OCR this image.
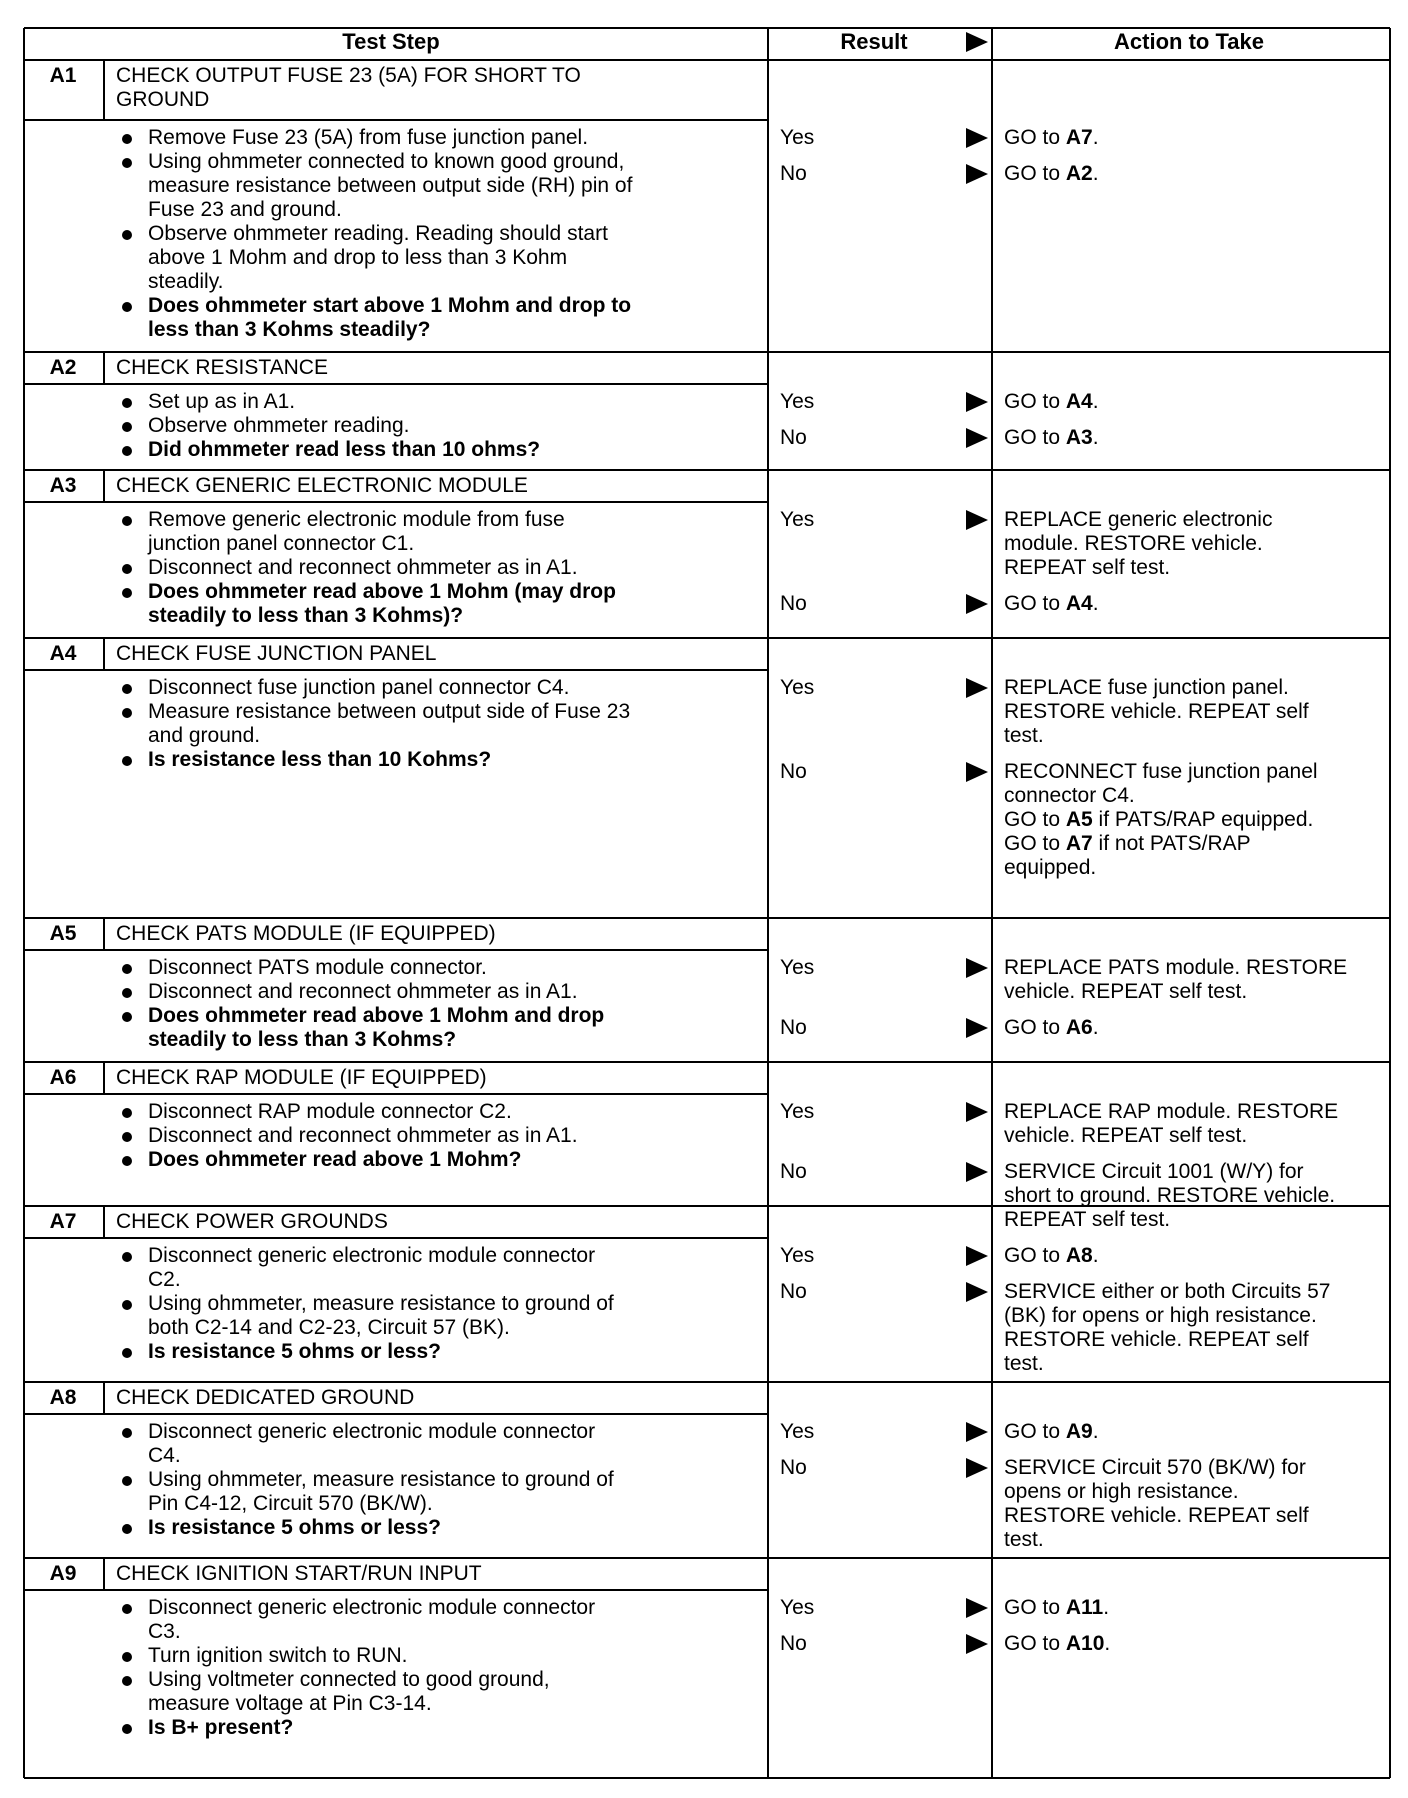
Test Step	Result	Action to Take
A1	CHECK OUTPUT FUSE 23 (5A) FOR SHORT TO
GROUND
Remove Fuse 23 (5A) from fuse junction panel.
Using ohmmeter connected to known good ground,
measure resistance between output side (RH) pin of
Fuse 23 and ground.
Observe ohmmeter reading. Reading should start
above 1 Mohm and drop to less than 3 Kohm
steadily.
Does ohmmeter start above 1 Mohm and drop to
less than 3 Kohms steadily?
Yes	GO to A7.
No	GO to A2.
A2	CHECK RESISTANCE
Set up as in A1.
Observe ohmmeter reading.
Did ohmmeter read less than 10 ohms?
Yes	GO to A4.
No	GO to A3.
A3	CHECK GENERIC ELECTRONIC MODULE
Remove generic electronic module from fuse
junction panel connector C1.
Disconnect and reconnect ohmmeter as in A1.
Does ohmmeter read above 1 Mohm (may drop
steadily to less than 3 Kohms)?
Yes	REPLACE generic electronic
module. RESTORE vehicle.
REPEAT self test.
No	GO to A4.
A4	CHECK FUSE JUNCTION PANEL
Disconnect fuse junction panel connector C4.
Measure resistance between output side of Fuse 23
and ground.
Is resistance less than 10 Kohms?
Yes	REPLACE fuse junction panel.
RESTORE vehicle. REPEAT self
test.
No	RECONNECT fuse junction panel
connector C4.
GO to A5 if PATS/RAP equipped.
GO to A7 if not PATS/RAP
equipped.
A5	CHECK PATS MODULE (IF EQUIPPED)
Disconnect PATS module connector.
Disconnect and reconnect ohmmeter as in A1.
Does ohmmeter read above 1 Mohm and drop
steadily to less than 3 Kohms?
Yes	REPLACE PATS module. RESTORE
vehicle. REPEAT self test.
No	GO to A6.
A6	CHECK RAP MODULE (IF EQUIPPED)
Disconnect RAP module connector C2.
Disconnect and reconnect ohmmeter as in A1.
Does ohmmeter read above 1 Mohm?
Yes	REPLACE RAP module. RESTORE
vehicle. REPEAT self test.
No	SERVICE Circuit 1001 (W/Y) for
short to ground. RESTORE vehicle.
REPEAT self test.
A7	CHECK POWER GROUNDS
Disconnect generic electronic module connector
C2.
Using ohmmeter, measure resistance to ground of
both C2-14 and C2-23, Circuit 57 (BK).
Is resistance 5 ohms or less?
Yes	GO to A8.
No	SERVICE either or both Circuits 57
(BK) for opens or high resistance.
RESTORE vehicle. REPEAT self
test.
A8	CHECK DEDICATED GROUND
Disconnect generic electronic module connector
C4.
Using ohmmeter, measure resistance to ground of
Pin C4-12, Circuit 570 (BK/W).
Is resistance 5 ohms or less?
Yes	GO to A9.
No	SERVICE Circuit 570 (BK/W) for
opens or high resistance.
RESTORE vehicle. REPEAT self
test.
A9	CHECK IGNITION START/RUN INPUT
Disconnect generic electronic module connector
C3.
Turn ignition switch to RUN.
Using voltmeter connected to good ground,
measure voltage at Pin C3-14.
Is B+ present?
Yes	GO to A11.
No	GO to A10.
